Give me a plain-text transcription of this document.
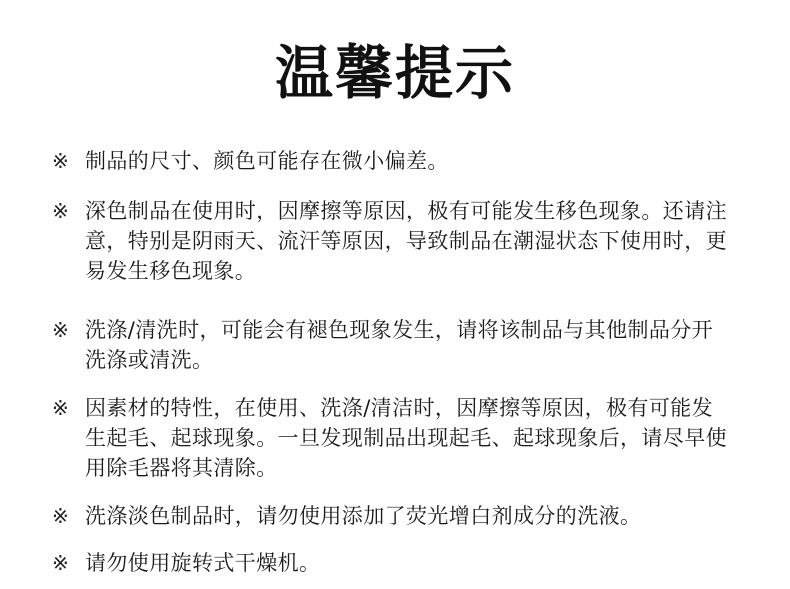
温馨提示
※ 制品的尺寸、颜色可能存在微小偏差。
※ 深色制品在使用时，因摩擦等原因，极有可能发生移色现象。还请注意，特别是阴雨天、流汗等原因，导致制品在潮湿状态下使用时，更易发生移色现象。
※ 洗涤/清洗时，可能会有褪色现象发生，请将该制品与其他制品分开洗涤或清洗。
※ 因素材的特性，在使用、洗涤/清洁时，因摩擦等原因，极有可能发生起毛、起球现象。一旦发现制品出现起毛、起球现象后，请尽早使用除毛器将其清除。
※ 洗涤淡色制品时，请勿使用添加了荧光增白剂成分的洗液。
※ 请勿使用旋转式干燥机。
